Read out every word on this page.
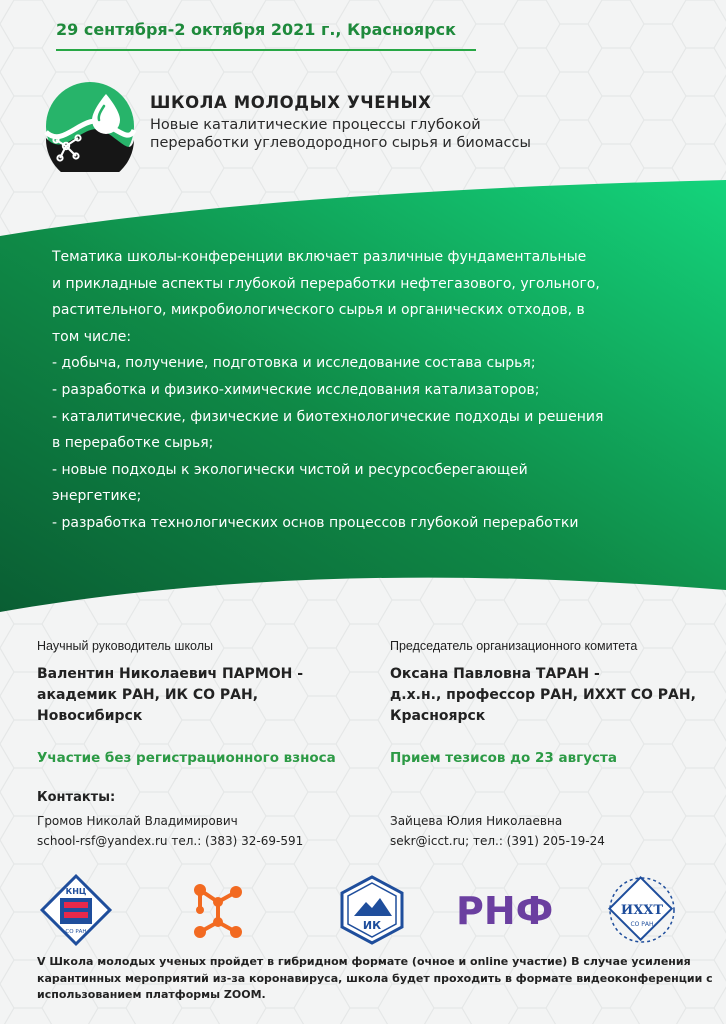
29 сентября-2 октября 2021 г., Красноярск
ШКОЛА МОЛОДЫХ УЧЕНЫХ
Новые каталитические процессы глубокой
переработки углеводородного сырья и биомассы
Тематика школы-конференции включает различные фундаментальные
и прикладные аспекты глубокой переработки нефтегазового, угольного,
растительного, микробиологического сырья и органических отходов, в
том числе:
- добыча, получение, подготовка и исследование состава сырья;
- разработка и физико-химические исследования катализаторов;
- каталитические, физические и биотехнологические подходы и решения
в переработке сырья;
- новые подходы к экологически чистой и ресурсосберегающей
энергетике;
- разработка технологических основ процессов глубокой переработки
Научный руководитель школы
Валентин Николаевич ПАРМОН -
академик РАН, ИК СО РАН,
Новосибирск
Председатель организационного комитета
Оксана Павловна ТАРАН -
д.х.н., профессор РАН, ИХХТ СО РАН,
Красноярск
Участие без регистрационного взноса	Прием тезисов до 23 августа
Контакты:
Громов Николай Владимирович
school-rsf@yandex.ru тел.: (383) 32-69-591
Зайцева Юлия Николаевна
sekr@icct.ru; тел.: (391) 205-19-24
КНЦ
СО РАН	ИК РНФ	ИХХТ
СО РАН
V Школа молодых ученых пройдет в гибридном формате (очное и online участие) В случае усиления
карантинных мероприятий из-за коронавируса, школа будет проходить в формате видеоконференции с
использованием платформы ZOOM.
